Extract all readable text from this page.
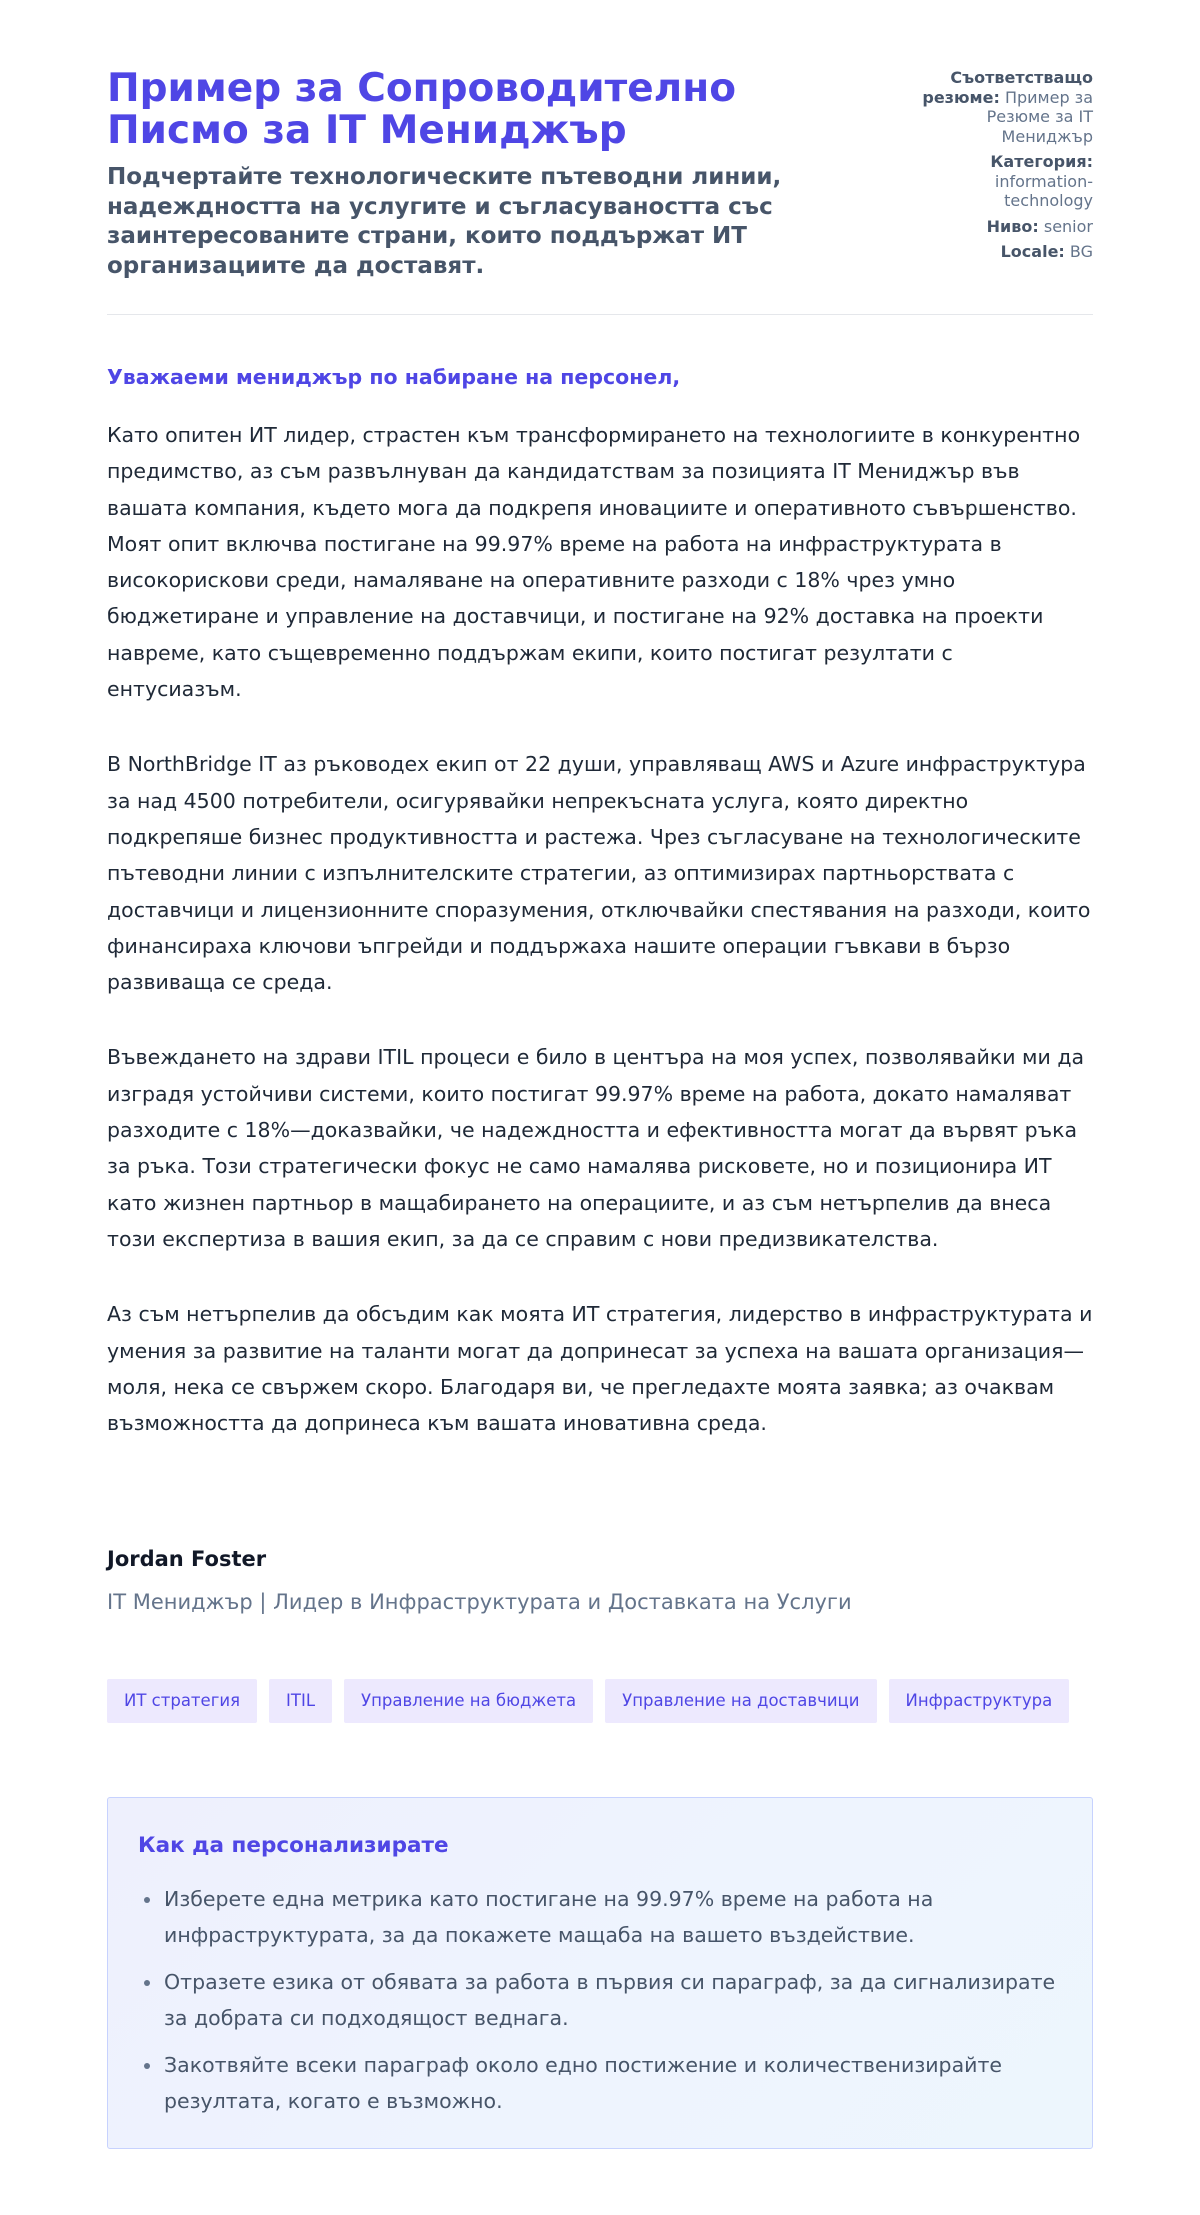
Пример за Сопроводително Писмо за IT Мениджър
Подчертайте технологическите пътеводни линии, надеждността на услугите и съгласуваността със заинтересованите страни, които поддържат ИТ организациите да доставят.
Съответстващо резюме: Пример за Резюме за IT Мениджър
Категория: information-technology
Ниво: senior
Locale: BG
Уважаеми мениджър по набиране на персонел,

Като опитен ИТ лидер, страстен към трансформирането на технологиите в конкурентно предимство, аз съм развълнуван да кандидатствам за позицията IT Мениджър във вашата компания, където мога да подкрепя иновациите и оперативното съвършенство. Моят опит включва постигане на 99.97% време на работа на инфраструктурата в високорискови среди, намаляване на оперативните разходи с 18% чрез умно бюджетиране и управление на доставчици, и постигане на 92% доставка на проекти навреме, като същевременно поддържам екипи, които постигат резултати с ентусиазъм.

В NorthBridge IT аз ръководех екип от 22 души, управляващ AWS и Azure инфраструктура за над 4500 потребители, осигурявайки непрекъсната услуга, която директно подкрепяше бизнес продуктивността и растежа. Чрез съгласуване на технологическите пътеводни линии с изпълнителските стратегии, аз оптимизирах партньорствата с доставчици и лицензионните споразумения, отключвайки спестявания на разходи, които финансираха ключови ъпгрейди и поддържаха нашите операции гъвкави в бързо развиваща се среда.

Въвеждането на здрави ITIL процеси е било в центъра на моя успех, позволявайки ми да изградя устойчиви системи, които постигат 99.97% време на работа, докато намаляват разходите с 18%—доказвайки, че надеждността и ефективността могат да вървят ръка за ръка. Този стратегически фокус не само намалява рисковете, но и позиционира ИТ като жизнен партньор в мащабирането на операциите, и аз съм нетърпелив да внеса този експертиза в вашия екип, за да се справим с нови предизвикателства.

Аз съм нетърпелив да обсъдим как моята ИТ стратегия, лидерство в инфраструктурата и умения за развитие на таланти могат да допринесат за успеха на вашата организация—моля, нека се свържем скоро. Благодаря ви, че прегледахте моята заявка; аз очаквам възможността да допринеса към вашата иновативна среда.

Jordan Foster
IT Мениджър | Лидер в Инфраструктурата и Доставката на Услуги
ИТ стратегия	ITIL	Управление на бюджета	Управление на доставчици	Инфраструктура
Как да персонализирате
• Изберете една метрика като постигане на 99.97% време на работа на инфраструктурата, за да покажете мащаба на вашето въздействие.
• Отразете езика от обявата за работа в първия си параграф, за да сигнализирате за добрата си подходящост веднага.
• Закотвяйте всеки параграф около едно постижение и количественизирайте резултата, когато е възможно.
